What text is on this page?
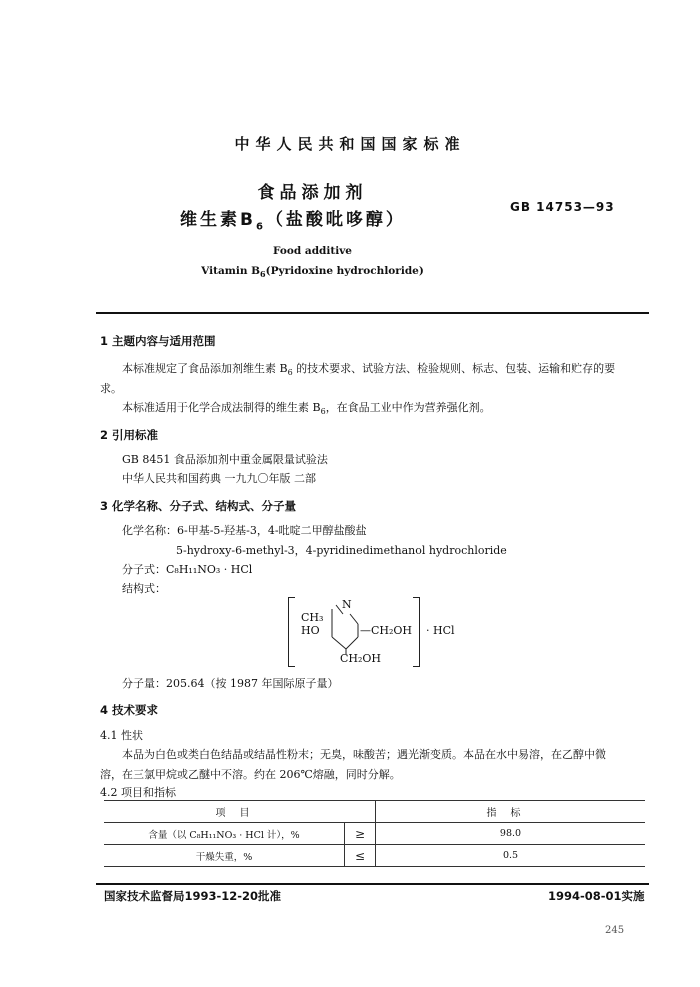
中华人民共和国国家标准
食品添加剂
维生素$B_6$（盐酸吡哆醇）
GB 14753—93
Food additive
Vitamin $B_6(Pyridoxine$ hydrochloride)
1 主题内容与适用范围
本标准规定了食品添加剂维生素 $B_6$ 的技术要求、试验方法、检验规则、标志、包装、运输和贮存的要
求。
本标准适用于化学合成法制得的维生素 $B_6$，在食品工业中作为营养强化剂。
2 引用标准
GB 8451 食品添加剂中重金属限量试验法
中华人民共和国药典 一九九〇年版 二部
3 化学名称、分子式、结构式、分子量
化学名称：6-甲基-5-羟基-3，4-吡啶二甲醇盐酸盐
5-hydroxy-6-methyl-3，4-pyridinedimethanol hydrochloride
分子式：C₈H₁₁NO₃ · HCl
结构式：
N
CH₃
HO	—CH₂OH
CH₂OH
· HCl
分子量：205.64（按 1987 年国际原子量）
4 技术要求
4.1 性状
本品为白色或类白色结晶或结晶性粉末；无臭，味酸苦；遇光渐变质。本品在水中易溶，在乙醇中微
溶，在三氯甲烷或乙醚中不溶。约在 206℃熔融，同时分解。
4.2 项目和指标
项目		指标
含量（以 C₈H₁₁NO₃ · HCl 计），%	≥	98.0
干燥失重，%	≤	0.5
国家技术监督局1993-12-20批准	1994-08-01实施
245
